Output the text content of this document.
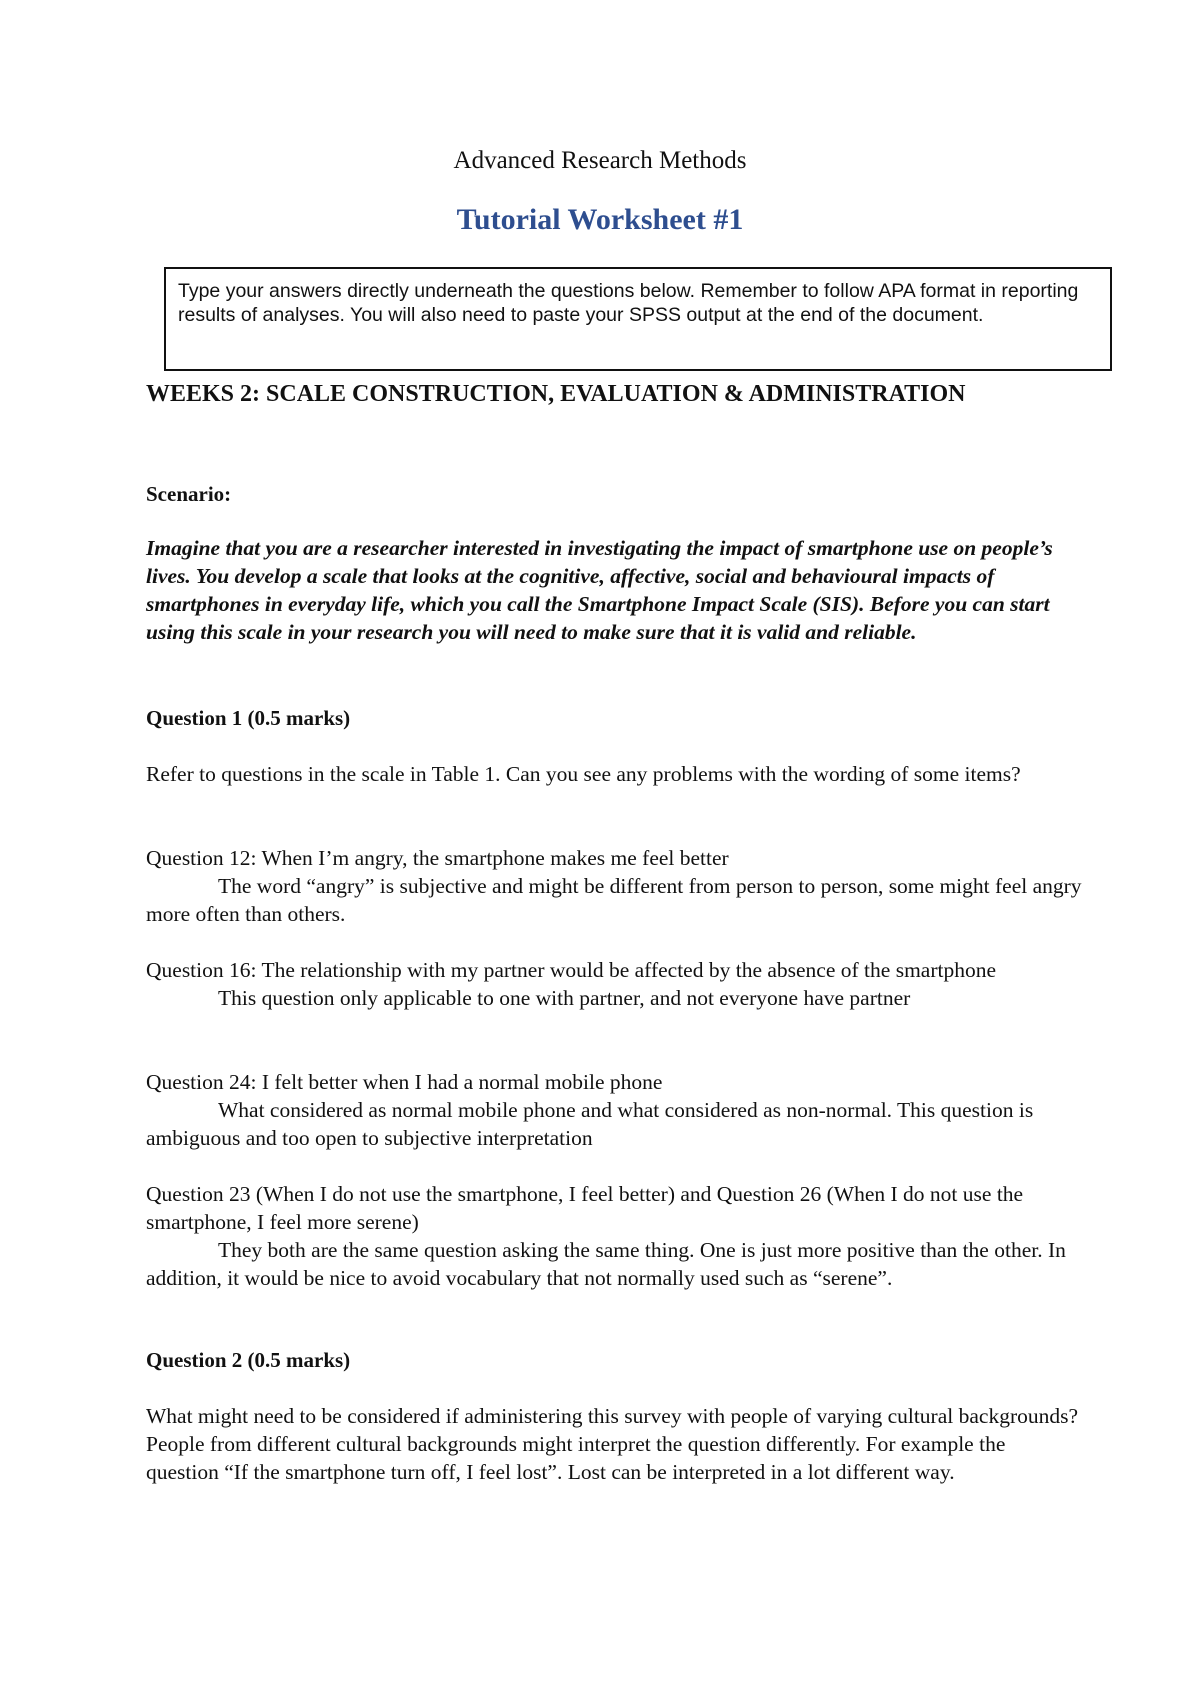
Advanced Research Methods
Tutorial Worksheet #1
Type your answers directly underneath the questions below. Remember to follow APA format in reporting results of analyses. You will also need to paste your SPSS output at the end of the document.
WEEKS 2: SCALE CONSTRUCTION, EVALUATION & ADMINISTRATION
Scenario:
Imagine that you are a researcher interested in investigating the impact of smartphone use on people’s lives. You develop a scale that looks at the cognitive, affective, social and behavioural impacts of smartphones in everyday life, which you call the Smartphone Impact Scale (SIS). Before you can start using this scale in your research you will need to make sure that it is valid and reliable.
Question 1 (0.5 marks)
Refer to questions in the scale in Table 1. Can you see any problems with the wording of some items?
Question 12: When I’m angry, the smartphone makes me feel better
The word “angry” is subjective and might be different from person to person, some might feel angry more often than others.
Question 16: The relationship with my partner would be affected by the absence of the smartphone
This question only applicable to one with partner, and not everyone have partner
Question 24: I felt better when I had a normal mobile phone
What considered as normal mobile phone and what considered as non-normal. This question is ambiguous and too open to subjective interpretation
Question 23 (When I do not use the smartphone, I feel better) and Question 26 (When I do not use the smartphone, I feel more serene)
They both are the same question asking the same thing. One is just more positive than the other. In addition, it would be nice to avoid vocabulary that not normally used such as “serene”.
Question 2 (0.5 marks)
What might need to be considered if administering this survey with people of varying cultural backgrounds?
People from different cultural backgrounds might interpret the question differently. For example the question “If the smartphone turn off, I feel lost”. Lost can be interpreted in a lot different way.
